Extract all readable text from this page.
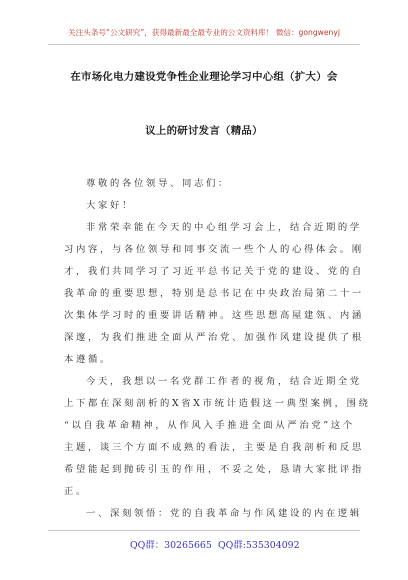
关注头条号“公文研究”，获得最新最全最专业的公文资料库！ 微信：gongwenyj
在市场化电力建设党争性企业理论学习中心组（扩大）会
议上的研讨发言（精品）
尊敬的各位领导、同志们：
大家好！
非常荣幸能在今天的中心组学习会上，结合近期的学
习内容，与各位领导和同事交流一些个人的心得体会。刚
才，我们共同学习了习近平总书记关于党的建设、党的自
我革命的重要思想，特别是总书记在中央政治局第二十一
次集体学习时的重要讲话精神。这些思想高屋建瓴、内涵
深邃，为我们推进全面从严治党、加强作风建设提供了根
本遵循。
今天，我想以一名党群工作者的视角，结合近期全党
上下都在深刻剖析的X省X市统计造假这一典型案例，围绕
“以自我革命精神，从作风入手推进全面从严治党”这个
主题，谈三个方面不成熟的看法，主要是自我剖析和反思
希望能起到抛砖引玉的作用，不妥之处，恳请大家批评指
正。
一、深刻领悟：党的自我革命与作风建设的内在逻辑
QQ群：30265665 QQ群:535304092
